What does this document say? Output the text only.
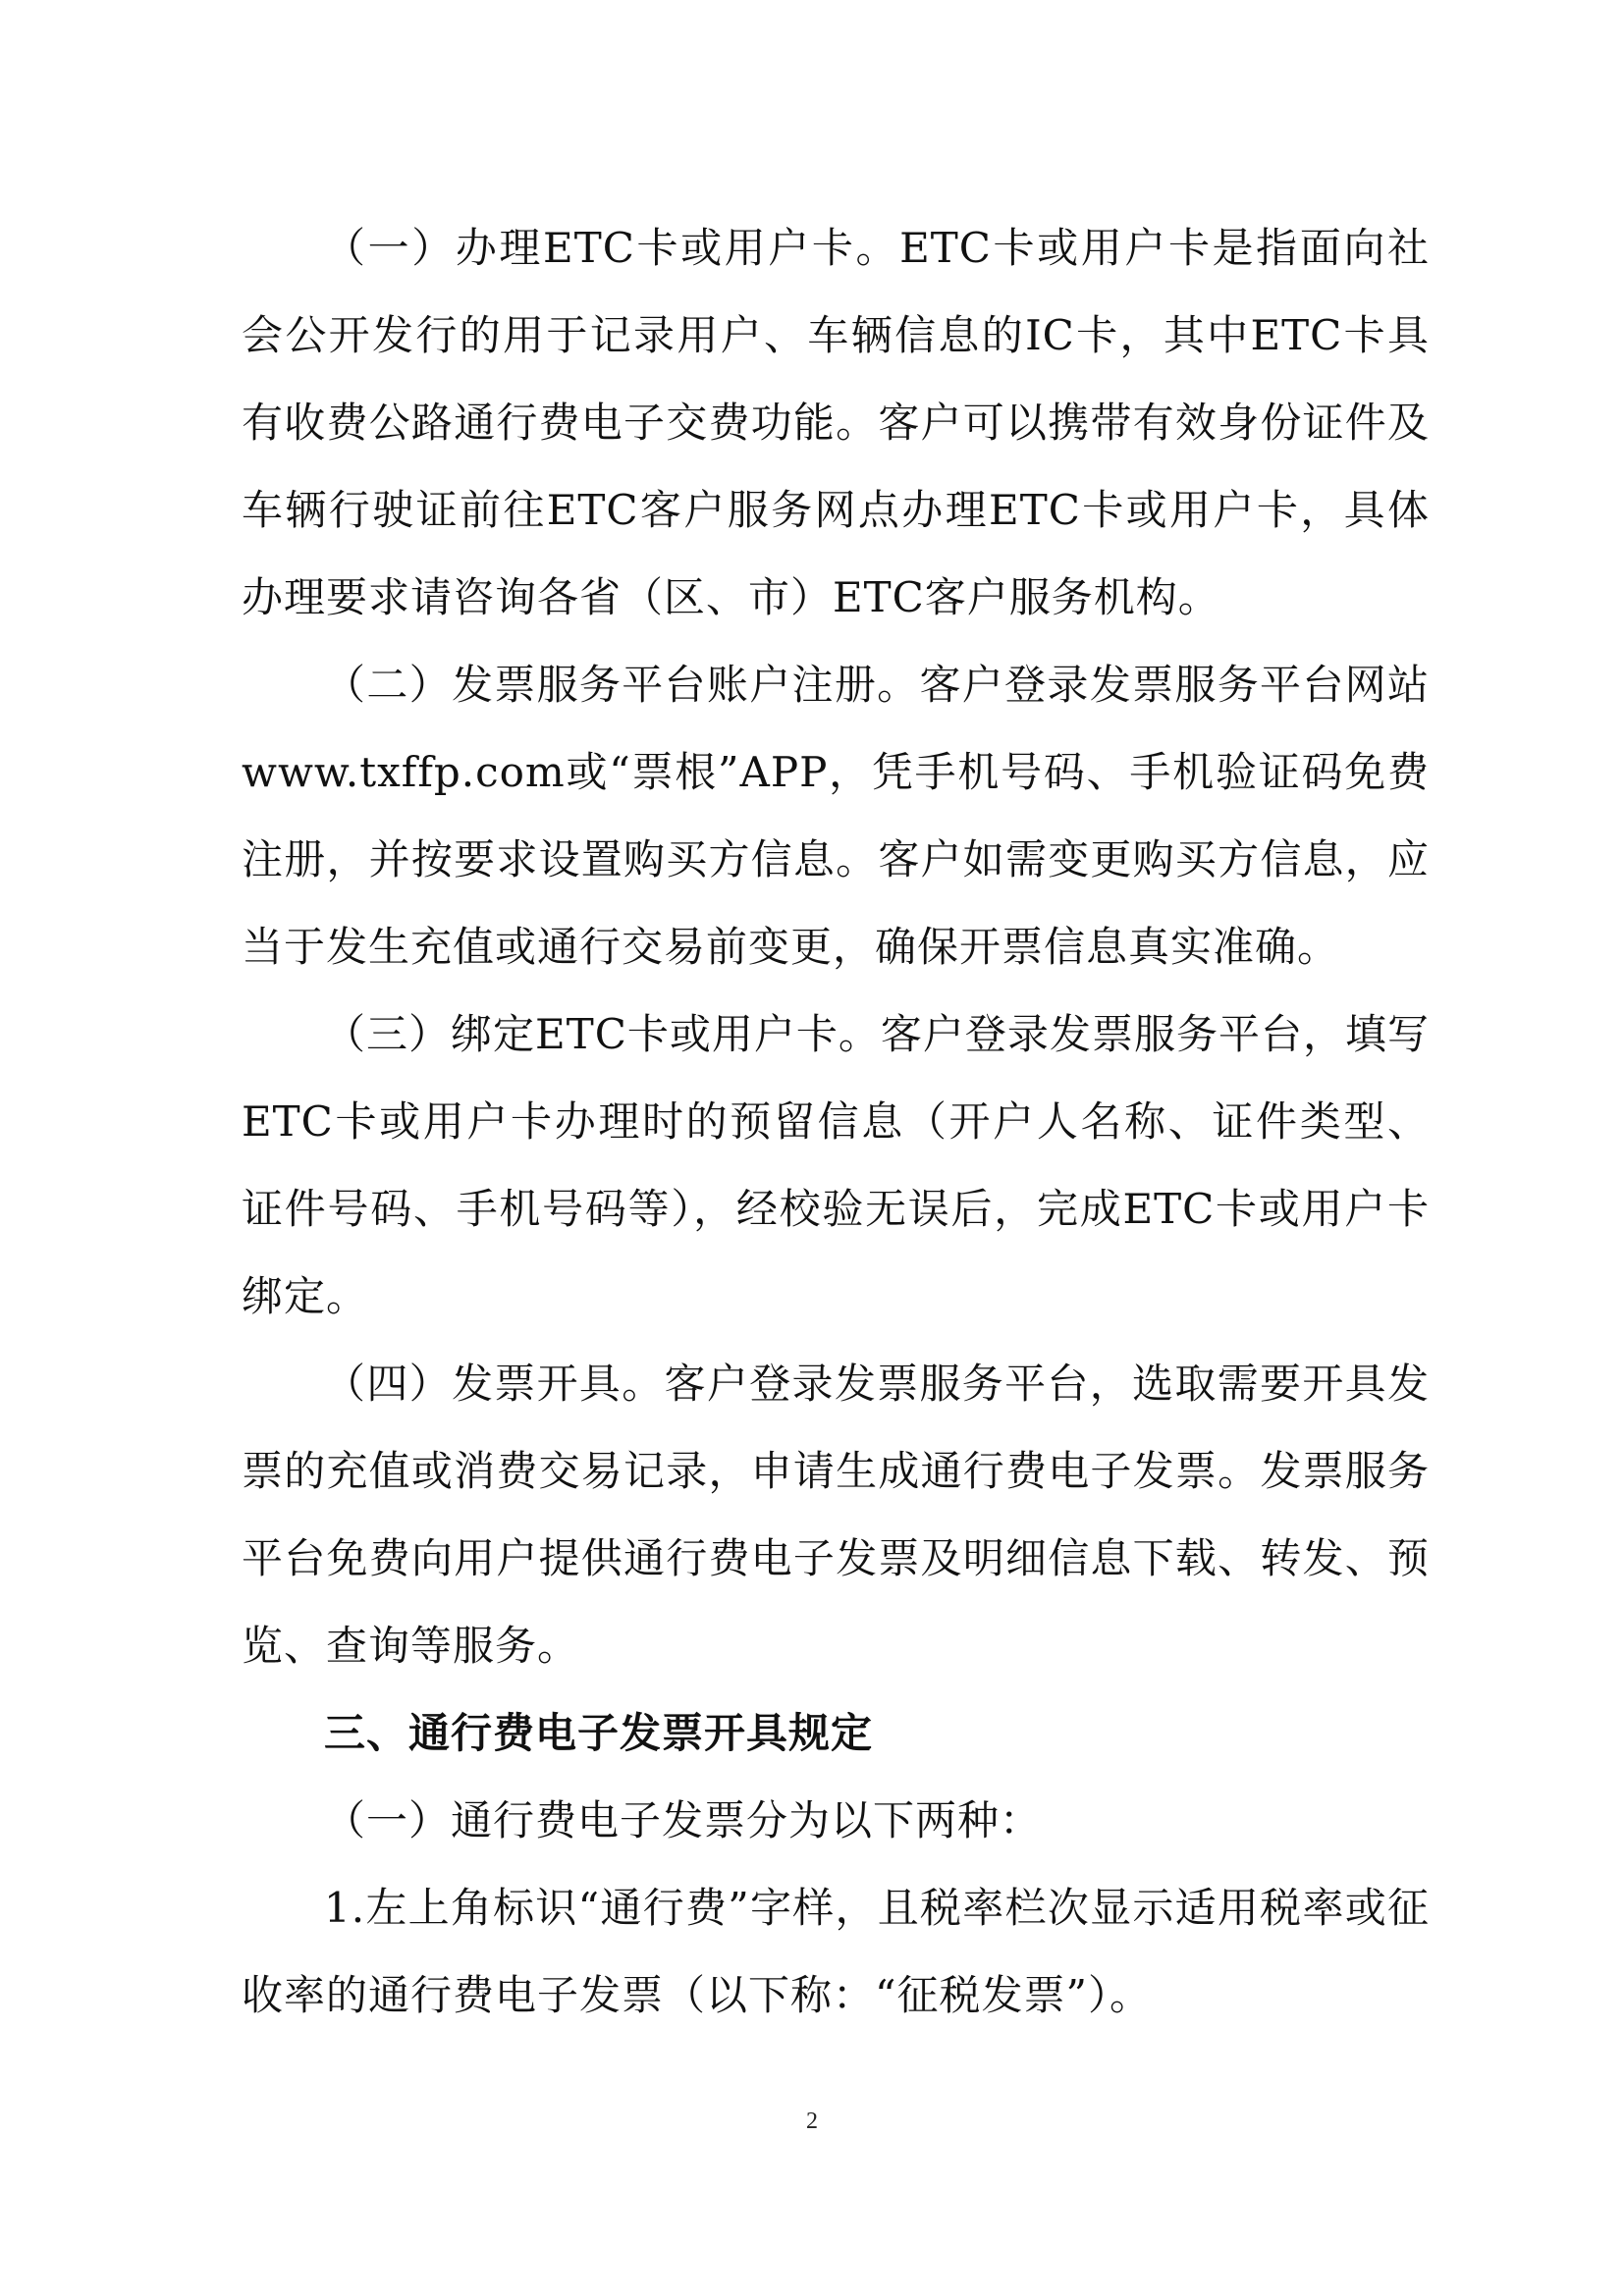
（一）办理ETC卡或用户卡。ETC卡或用户卡是指面向社会公开发行的用于记录用户、车辆信息的IC卡，其中ETC卡具有收费公路通行费电子交费功能。客户可以携带有效身份证件及车辆行驶证前往ETC客户服务网点办理ETC卡或用户卡，具体办理要求请咨询各省（区、市）ETC客户服务机构。

（二）发票服务平台账户注册。客户登录发票服务平台网站www.txffp.com或“票根”APP，凭手机号码、手机验证码免费注册，并按要求设置购买方信息。客户如需变更购买方信息，应当于发生充值或通行交易前变更，确保开票信息真实准确。

（三）绑定ETC卡或用户卡。客户登录发票服务平台，填写ETC卡或用户卡办理时的预留信息（开户人名称、证件类型、证件号码、手机号码等），经校验无误后，完成ETC卡或用户卡绑定。

（四）发票开具。客户登录发票服务平台，选取需要开具发票的充值或消费交易记录，申请生成通行费电子发票。发票服务平台免费向用户提供通行费电子发票及明细信息下载、转发、预览、查询等服务。

三、通行费电子发票开具规定

（一）通行费电子发票分为以下两种：

1.左上角标识“通行费”字样，且税率栏次显示适用税率或征收率的通行费电子发票（以下称：“征税发票”）。

2
